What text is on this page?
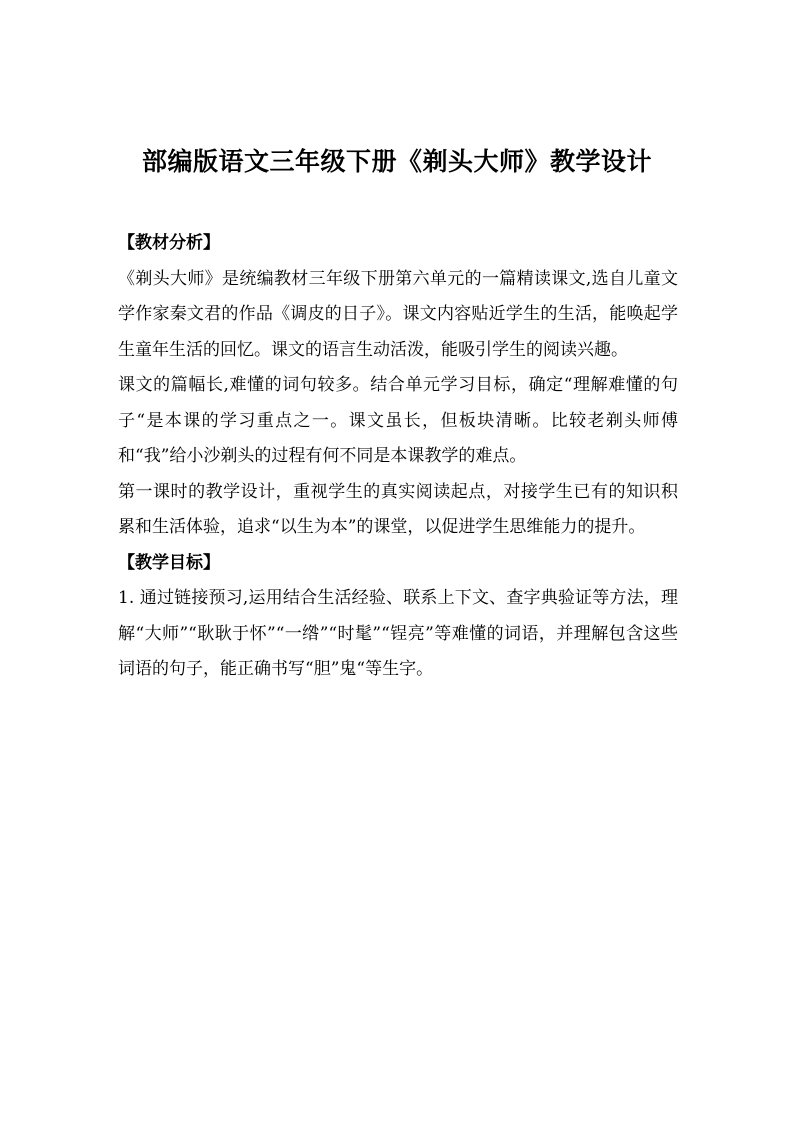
部编版语文三年级下册《剃头大师》教学设计

【教材分析】

《剃头大师》是统编教材三年级下册第六单元的一篇精读课文,选自儿童文学作家秦文君的作品《调皮的日子》。课文内容贴近学生的生活，能唤起学生童年生活的回忆。课文的语言生动活泼，能吸引学生的阅读兴趣。

课文的篇幅长,难懂的词句较多。结合单元学习目标，确定“理解难懂的句子“是本课的学习重点之一。课文虽长，但板块清晰。比较老剃头师傅和“我”给小沙剃头的过程有何不同是本课教学的难点。

第一课时的教学设计，重视学生的真实阅读起点，对接学生已有的知识积累和生活体验，追求“以生为本”的课堂，以促进学生思维能力的提升。

【教学目标】

1. 通过链接预习,运用结合生活经验、联系上下文、查字典验证等方法，理解“大师”“耿耿于怀”“一绺”“时髦”“锃亮”等难懂的词语，并理解包含这些词语的句子，能正确书写“胆”鬼“等生字。
